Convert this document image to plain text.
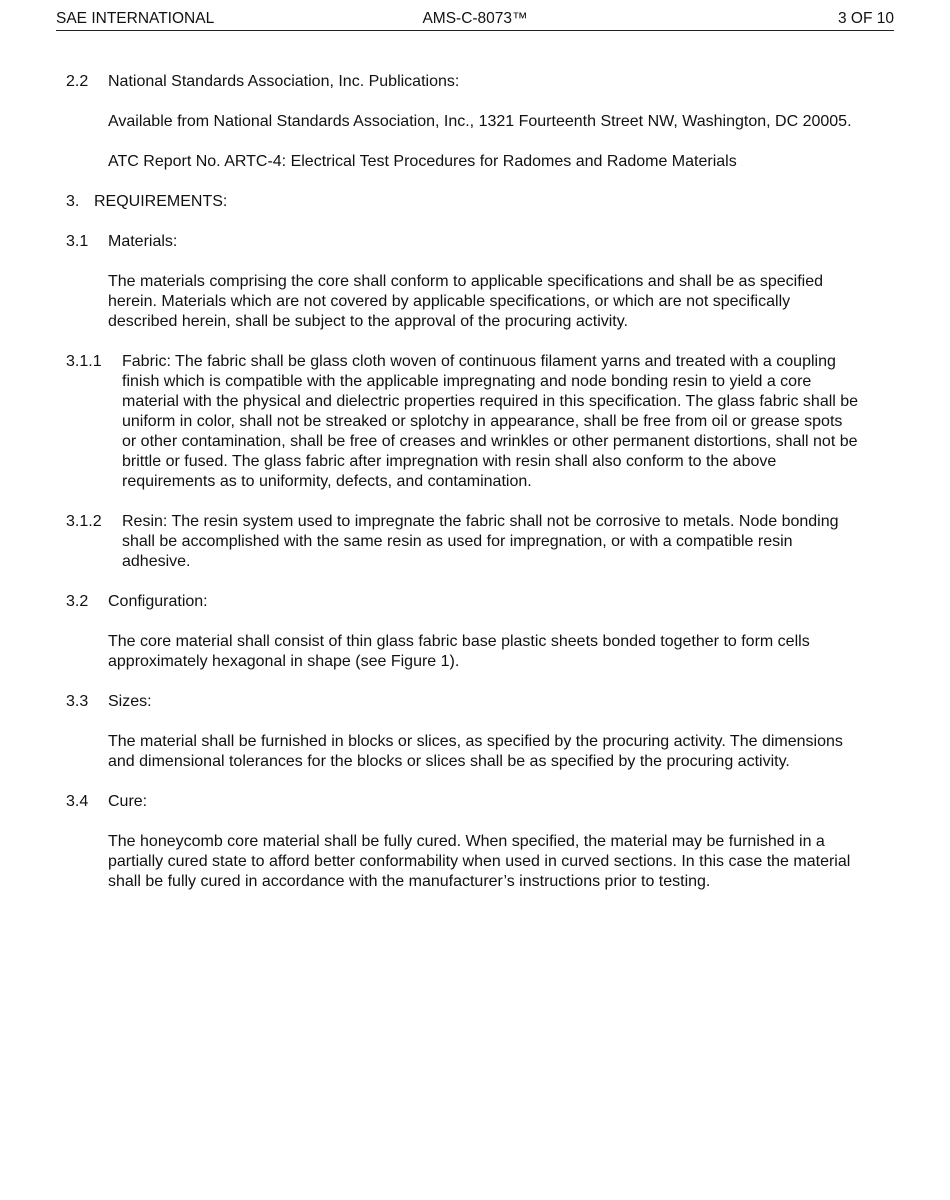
SAE INTERNATIONAL	AMS-C-8073™	3 OF 10
2.2 National Standards Association, Inc. Publications:
Available from National Standards Association, Inc., 1321 Fourteenth Street NW, Washington, DC 20005.
ATC Report No. ARTC-4: Electrical Test Procedures for Radomes and Radome Materials
3. REQUIREMENTS:
3.1 Materials:
The materials comprising the core shall conform to applicable specifications and shall be as specified herein. Materials which are not covered by applicable specifications, or which are not specifically described herein, shall be subject to the approval of the procuring activity.
3.1.1 Fabric: The fabric shall be glass cloth woven of continuous filament yarns and treated with a coupling finish which is compatible with the applicable impregnating and node bonding resin to yield a core material with the physical and dielectric properties required in this specification. The glass fabric shall be uniform in color, shall not be streaked or splotchy in appearance, shall be free from oil or grease spots or other contamination, shall be free of creases and wrinkles or other permanent distortions, shall not be brittle or fused. The glass fabric after impregnation with resin shall also conform to the above requirements as to uniformity, defects, and contamination.
3.1.2 Resin: The resin system used to impregnate the fabric shall not be corrosive to metals. Node bonding shall be accomplished with the same resin as used for impregnation, or with a compatible resin adhesive.
3.2 Configuration:
The core material shall consist of thin glass fabric base plastic sheets bonded together to form cells approximately hexagonal in shape (see Figure 1).
3.3 Sizes:
The material shall be furnished in blocks or slices, as specified by the procuring activity. The dimensions and dimensional tolerances for the blocks or slices shall be as specified by the procuring activity.
3.4 Cure:
The honeycomb core material shall be fully cured. When specified, the material may be furnished in a partially cured state to afford better conformability when used in curved sections. In this case the material shall be fully cured in accordance with the manufacturer’s instructions prior to testing.
